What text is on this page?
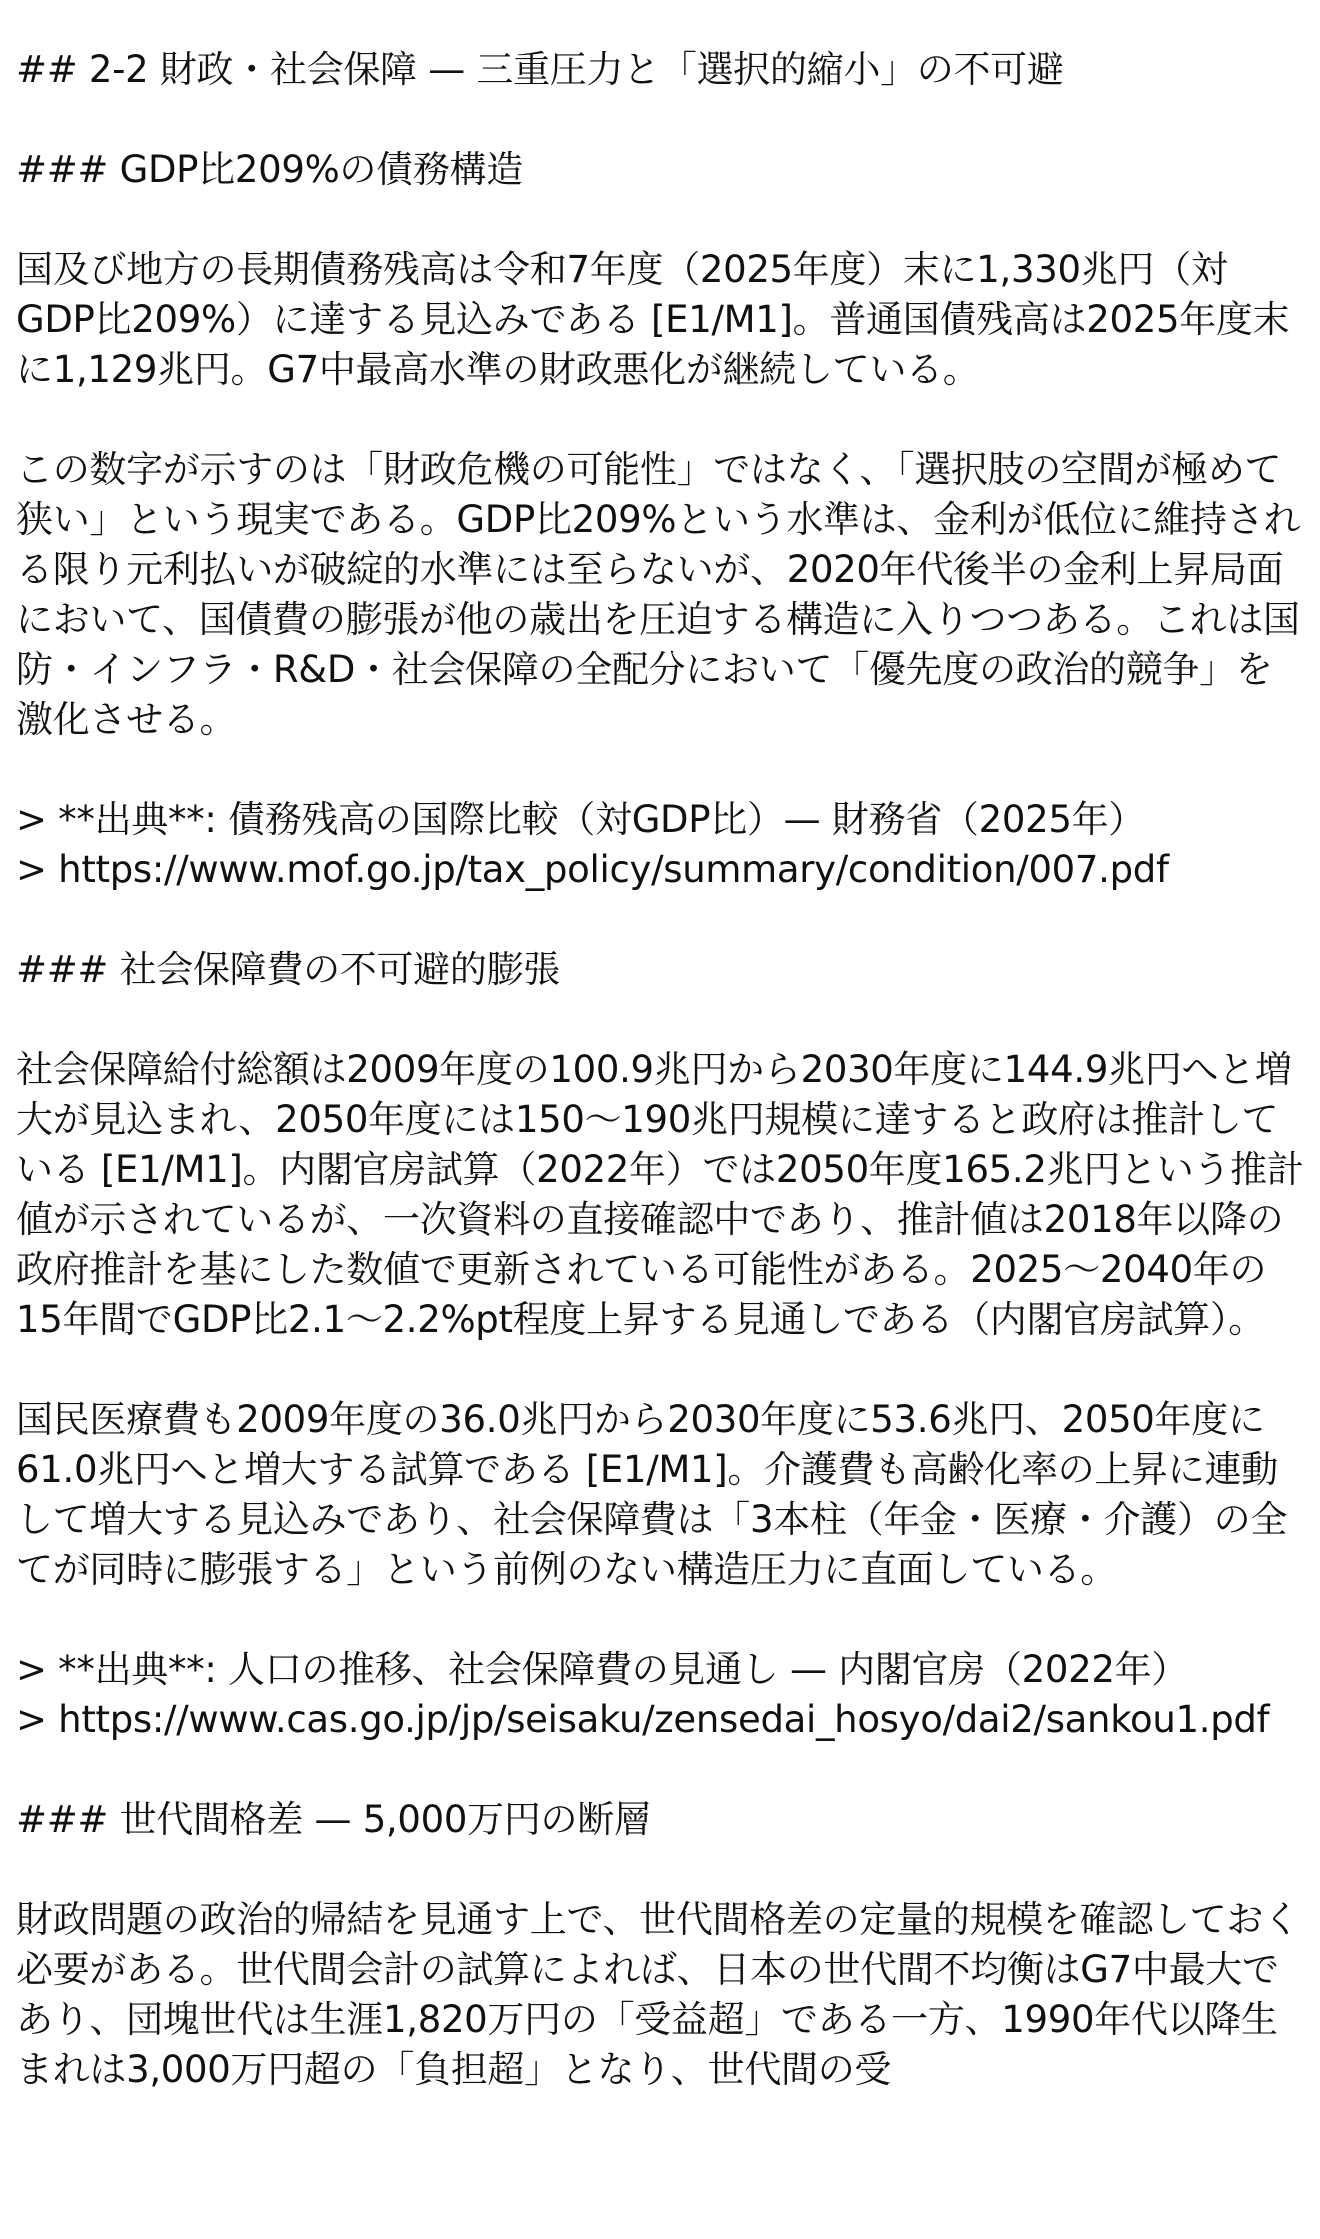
## 2-2 財政・社会保障 — 三重圧力と「選択的縮小」の不可避
### GDP比209%の債務構造
国及び地方の長期債務残高は令和7年度（2025年度）末に1,330兆円（対GDP比209%）に達する見込みである [E1/M1]。普通国債残高は2025年度末に1,129兆円。G7中最高水準の財政悪化が継続している。
この数字が示すのは「財政危機の可能性」ではなく、「選択肢の空間が極めて狭い」という現実である。GDP比209%という水準は、金利が低位に維持される限り元利払いが破綻的水準には至らないが、2020年代後半の金利上昇局面において、国債費の膨張が他の歳出を圧迫する構造に入りつつある。これは国防・インフラ・R&D・社会保障の全配分において「優先度の政治的競争」を激化させる。
> **出典**: 債務残高の国際比較（対GDP比）— 財務省（2025年）
> https://www.mof.go.jp/tax_policy/summary/condition/007.pdf
### 社会保障費の不可避的膨張
社会保障給付総額は2009年度の100.9兆円から2030年度に144.9兆円へと増大が見込まれ、2050年度には150〜190兆円規模に達すると政府は推計している [E1/M1]。内閣官房試算（2022年）では2050年度165.2兆円という推計値が示されているが、一次資料の直接確認中であり、推計値は2018年以降の政府推計を基にした数値で更新されている可能性がある。2025〜2040年の15年間でGDP比2.1〜2.2%pt程度上昇する見通しである（内閣官房試算）。
国民医療費も2009年度の36.0兆円から2030年度に53.6兆円、2050年度に61.0兆円へと増大する試算である [E1/M1]。介護費も高齢化率の上昇に連動して増大する見込みであり、社会保障費は「3本柱（年金・医療・介護）の全てが同時に膨張する」という前例のない構造圧力に直面している。
> **出典**: 人口の推移、社会保障費の見通し — 内閣官房（2022年）
> https://www.cas.go.jp/jp/seisaku/zensedai_hosyo/dai2/sankou1.pdf
### 世代間格差 — 5,000万円の断層
財政問題の政治的帰結を見通す上で、世代間格差の定量的規模を確認しておく必要がある。世代間会計の試算によれば、日本の世代間不均衡はG7中最大であり、団塊世代は生涯1,820万円の「受益超」である一方、1990年代以降生まれは3,000万円超の「負担超」となり、世代間の受
